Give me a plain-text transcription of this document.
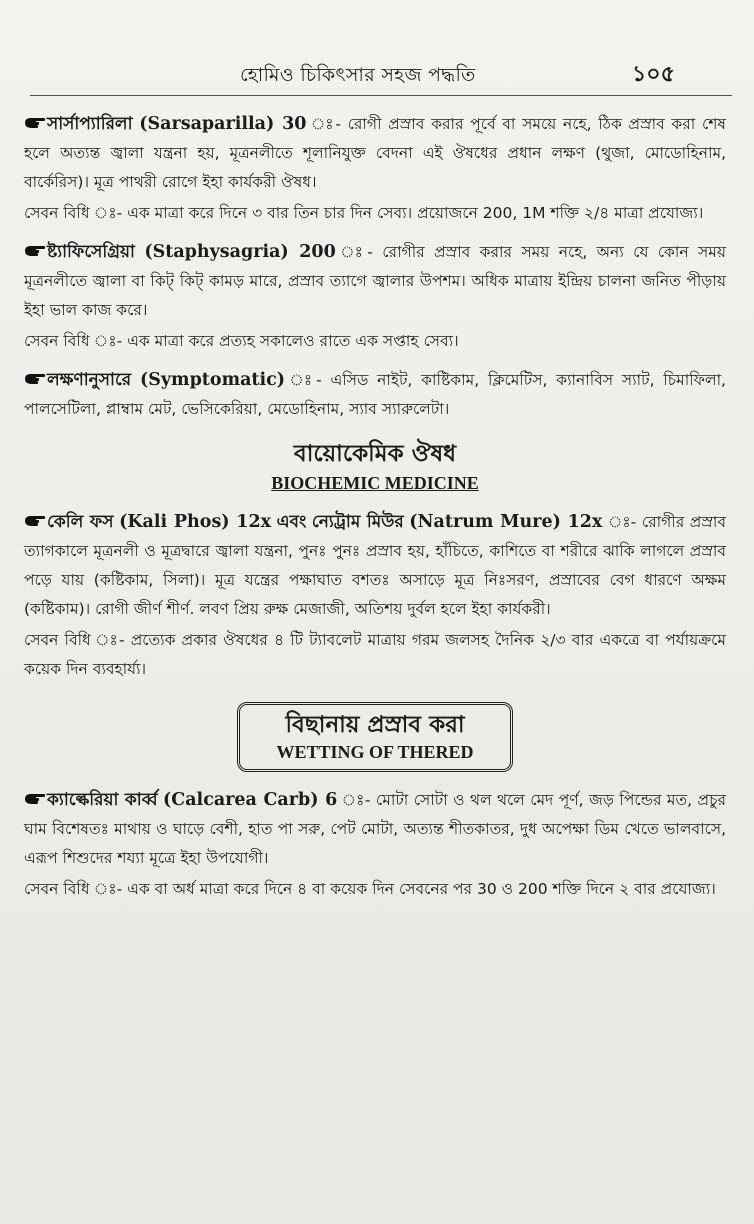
হোমিও চিকিৎসার সহজ পদ্ধতি	১০৫

সার্সাপ্যারিলা (Sarsaparilla) 30 ঃ- রোগী প্রস্রাব করার পূর্বে বা সময়ে নহে, ঠিক প্রস্রাব করা শেষ হলে অত্যন্ত জ্বালা যন্ত্রনা হয়, মূত্রনলীতে শূলানিযুক্ত বেদনা এই ঔষধের প্রধান লক্ষণ (থুজা, মোডোহিনাম, বার্কেরিস)। মূত্র পাথরী রোগে ইহা কার্যকরী ঔষধ।

সেবন বিধি ঃ- এক মাত্রা করে দিনে ৩ বার তিন চার দিন সেব্য। প্রয়োজনে 200, 1M শক্তি ২/৪ মাত্রা প্রযোজ্য।

ষ্ট্যাফিসেগ্রিয়া (Staphysagria) 200 ঃ- রোগীর প্রস্রাব করার সময় নহে, অন্য যে কোন সময় মূত্রনলীতে জ্বালা বা কিট্ কিট্ কামড় মারে, প্রস্রাব ত্যাগে জ্বালার উপশম। অধিক মাত্রায় ইন্দ্রিয় চালনা জনিত পীড়ায় ইহা ভাল কাজ করে।

সেবন বিধি ঃ- এক মাত্রা করে প্রত্যহ সকালেও রাতে এক সপ্তাহ সেব্য।

লক্ষণানুসারে (Symptomatic) ঃ- এসিড নাইট, কাষ্টিকাম, ক্লিমেটিস, ক্যানাবিস স্যাট, চিমাফিলা, পালসেটিলা, প্লাম্বাম মেট, ভেসিকেরিয়া, মেডোহিনাম, স্যাব স্যারুলেটা।

বায়োকেমিক ঔষধ
BIOCHEMIC MEDICINE

কেলি ফস (Kali Phos) 12x এবং ন্যেট্রাম মিউর (Natrum Mure) 12x ঃ- রোগীর প্রস্রাব ত্যাগকালে মূত্রনলী ও মূত্রদ্বারে জ্বালা যন্ত্রনা, পুনঃ পুনঃ প্রস্রাব হয়, হাঁচিতে, কাশিতে বা শরীরে ঝাকি লাগলে প্রস্রাব পড়ে যায় (কষ্টিকাম, সিলা)। মূত্র যন্ত্রের পক্ষাঘাত বশতঃ অসাড়ে মূত্র নিঃসরণ, প্রস্রাবের বেগ ধারণে অক্ষম (কষ্টিকাম)। রোগী জীর্ণ শীর্ণ. লবণ প্রিয় রুক্ষ মেজাজী, অতিশয় দুর্বল হলে ইহা কার্যকরী।

সেবন বিধি ঃ- প্রত্যেক প্রকার ঔষধের ৪ টি ট্যাবলেট মাত্রায় গরম জলসহ দৈনিক ২/৩ বার একত্রে বা পর্যায়ক্রমে কয়েক দিন ব্যবহার্য্য।

বিছানায় প্রস্রাব করা
WETTING OF THERED

ক্যাল্কেরিয়া কার্ব্ব (Calcarea Carb) 6 ঃ- মোটা সোটা ও থল থলে মেদ পূর্ণ, জড় পিন্ডের মত, প্রচুর ঘাম বিশেষতঃ মাথায় ও ঘাড়ে বেশী, হাত পা সরু, পেট মোটা, অত্যন্ত শীতকাতর, দুধ অপেক্ষা ডিম খেতে ভালবাসে, এরূপ শিশুদের শয্যা মূত্রে ইহা উপযোগী।

সেবন বিধি ঃ- এক বা অর্ধ মাত্রা করে দিনে ৪ বা কয়েক দিন সেবনের পর 30 ও 200 শক্তি দিনে ২ বার প্রযোজ্য।
